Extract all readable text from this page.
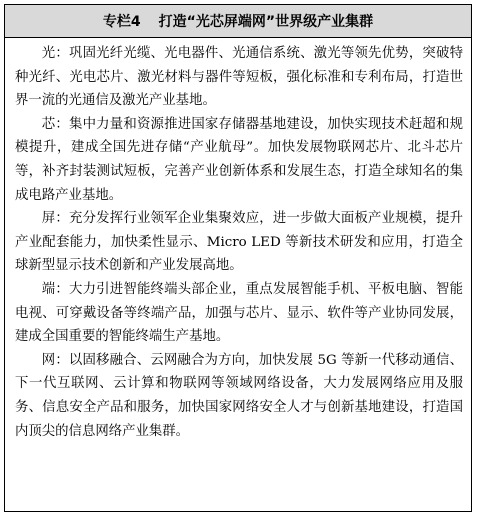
专栏4 打造“光芯屏端网”世界级产业集群

光：巩固光纤光缆、光电器件、光通信系统、激光等领先优势，突破特种光纤、光电芯片、激光材料与器件等短板，强化标准和专利布局，打造世界一流的光通信及激光产业基地。

芯：集中力量和资源推进国家存储器基地建设，加快实现技术赶超和规模提升，建成全国先进存储“产业航母”。加快发展物联网芯片、北斗芯片等，补齐封装测试短板，完善产业创新体系和发展生态，打造全球知名的集成电路产业基地。

屏：充分发挥行业领军企业集聚效应，进一步做大面板产业规模，提升产业配套能力，加快柔性显示、Micro LED 等新技术研发和应用，打造全球新型显示技术创新和产业发展高地。

端：大力引进智能终端头部企业，重点发展智能手机、平板电脑、智能电视、可穿戴设备等终端产品，加强与芯片、显示、软件等产业协同发展，建成全国重要的智能终端生产基地。

网：以固移融合、云网融合为方向，加快发展 5G 等新一代移动通信、下一代互联网、云计算和物联网等领域网络设备，大力发展网络应用及服务、信息安全产品和服务，加快国家网络安全人才与创新基地建设，打造国内顶尖的信息网络产业集群。
